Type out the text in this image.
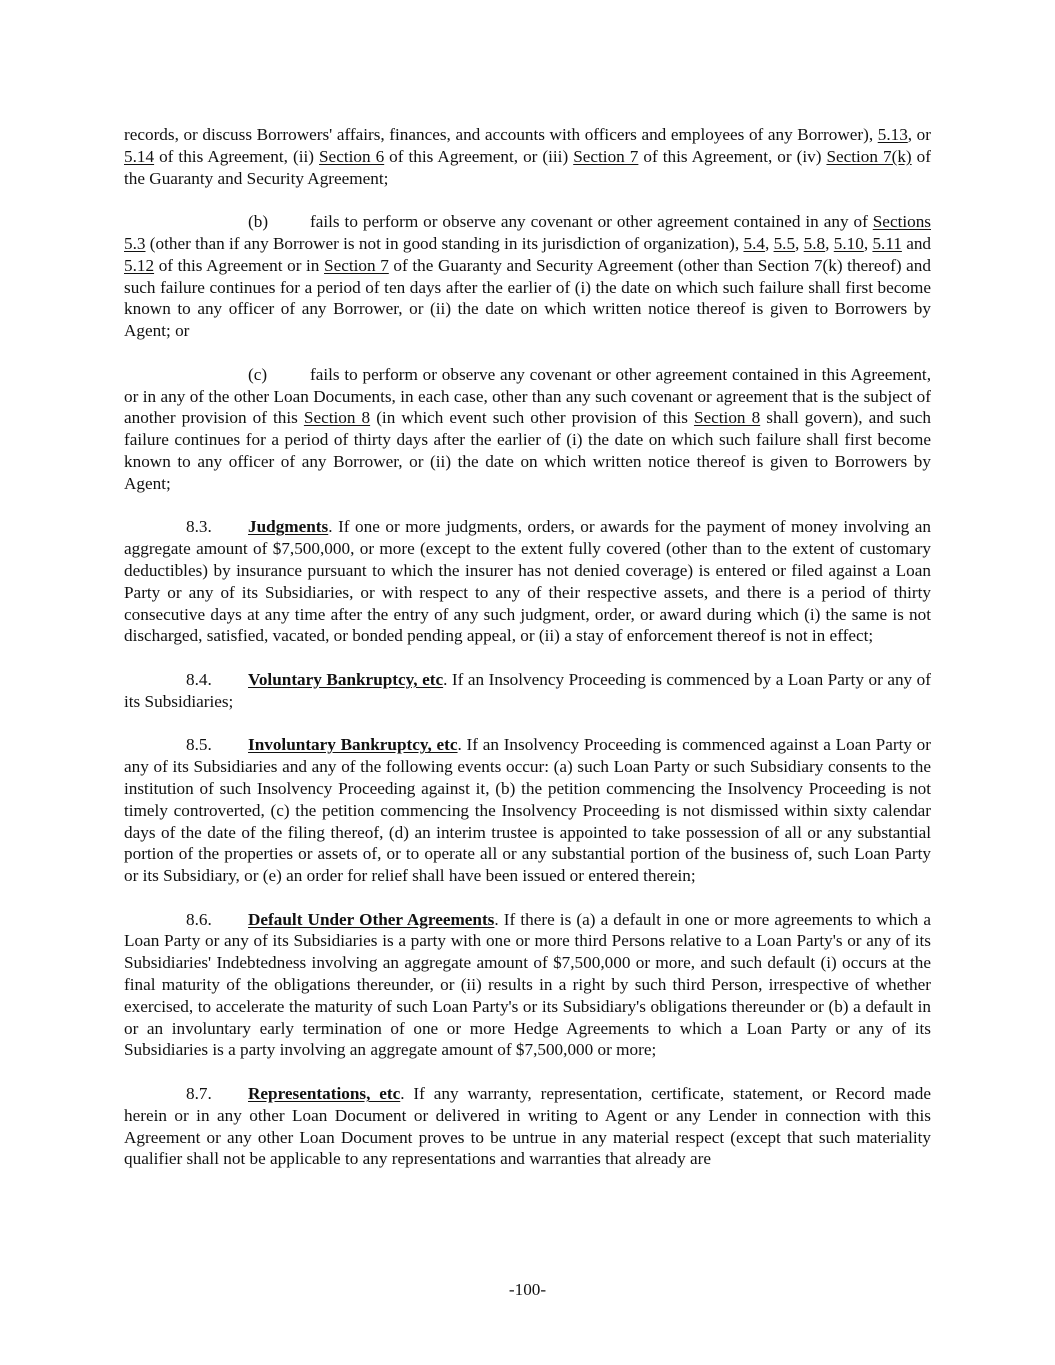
records, or discuss Borrowers' affairs, finances, and accounts with officers and employees of any Borrower), 5.13, or 5.14 of this Agreement, (ii) Section 6 of this Agreement, or (iii) Section 7 of this Agreement, or (iv) Section 7(k) of the Guaranty and Security Agreement;

(b) fails to perform or observe any covenant or other agreement contained in any of Sections 5.3 (other than if any Borrower is not in good standing in its jurisdiction of organization), 5.4, 5.5, 5.8, 5.10, 5.11 and 5.12 of this Agreement or in Section 7 of the Guaranty and Security Agreement (other than Section 7(k) thereof) and such failure continues for a period of ten days after the earlier of (i) the date on which such failure shall first become known to any officer of any Borrower, or (ii) the date on which written notice thereof is given to Borrowers by Agent; or

(c) fails to perform or observe any covenant or other agreement contained in this Agreement, or in any of the other Loan Documents, in each case, other than any such covenant or agreement that is the subject of another provision of this Section 8 (in which event such other provision of this Section 8 shall govern), and such failure continues for a period of thirty days after the earlier of (i) the date on which such failure shall first become known to any officer of any Borrower, or (ii) the date on which written notice thereof is given to Borrowers by Agent;

8.3. Judgments. If one or more judgments, orders, or awards for the payment of money involving an aggregate amount of $7,500,000, or more (except to the extent fully covered (other than to the extent of customary deductibles) by insurance pursuant to which the insurer has not denied coverage) is entered or filed against a Loan Party or any of its Subsidiaries, or with respect to any of their respective assets, and there is a period of thirty consecutive days at any time after the entry of any such judgment, order, or award during which (i) the same is not discharged, satisfied, vacated, or bonded pending appeal, or (ii) a stay of enforcement thereof is not in effect;

8.4. Voluntary Bankruptcy, etc. If an Insolvency Proceeding is commenced by a Loan Party or any of its Subsidiaries;

8.5. Involuntary Bankruptcy, etc. If an Insolvency Proceeding is commenced against a Loan Party or any of its Subsidiaries and any of the following events occur: (a) such Loan Party or such Subsidiary consents to the institution of such Insolvency Proceeding against it, (b) the petition commencing the Insolvency Proceeding is not timely controverted, (c) the petition commencing the Insolvency Proceeding is not dismissed within sixty calendar days of the date of the filing thereof, (d) an interim trustee is appointed to take possession of all or any substantial portion of the properties or assets of, or to operate all or any substantial portion of the business of, such Loan Party or its Subsidiary, or (e) an order for relief shall have been issued or entered therein;

8.6. Default Under Other Agreements. If there is (a) a default in one or more agreements to which a Loan Party or any of its Subsidiaries is a party with one or more third Persons relative to a Loan Party's or any of its Subsidiaries' Indebtedness involving an aggregate amount of $7,500,000 or more, and such default (i) occurs at the final maturity of the obligations thereunder, or (ii) results in a right by such third Person, irrespective of whether exercised, to accelerate the maturity of such Loan Party's or its Subsidiary's obligations thereunder or (b) a default in or an involuntary early termination of one or more Hedge Agreements to which a Loan Party or any of its Subsidiaries is a party involving an aggregate amount of $7,500,000 or more;

8.7. Representations, etc. If any warranty, representation, certificate, statement, or Record made herein or in any other Loan Document or delivered in writing to Agent or any Lender in connection with this Agreement or any other Loan Document proves to be untrue in any material respect (except that such materiality qualifier shall not be applicable to any representations and warranties that already are

-100-
